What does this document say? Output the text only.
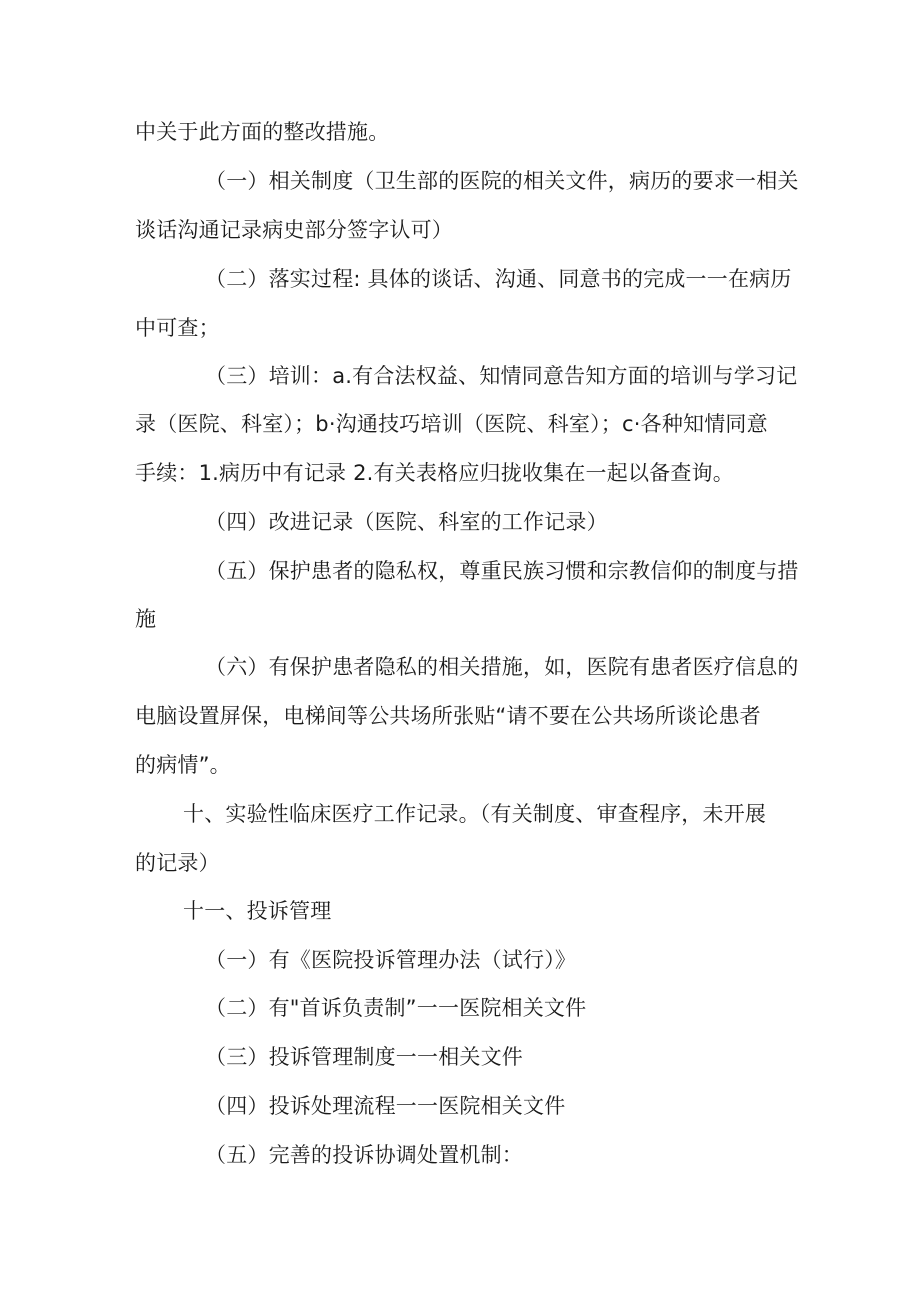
中关于此方面的整改措施。
（一）相关制度（卫生部的医院的相关文件，病历的要求一相关
谈话沟通记录病史部分签字认可）
（二）落实过程: 具体的谈话、沟通、同意书的完成一一在病历
中可查；
（三）培训：a.有合法权益、知情同意告知方面的培训与学习记
录（医院、科室）；b·沟通技巧培训（医院、科室）；c·各种知情同意
手续：1.病历中有记录 2.有关表格应归拢收集在一起以备查询。
（四）改进记录（医院、科室的工作记录）
（五）保护患者的隐私权，尊重民族习惯和宗教信仰的制度与措
施
（六）有保护患者隐私的相关措施，如，医院有患者医疗信息的
电脑设置屏保，电梯间等公共场所张贴“请不要在公共场所谈论患者
的病情”。
十、实验性临床医疗工作记录。（有关制度、审查程序，未开展
的记录）
十一、投诉管理
（一）有《医院投诉管理办法（试行）》
（二）有"首诉负责制”一一医院相关文件
（三）投诉管理制度一一相关文件
（四）投诉处理流程一一医院相关文件
（五）完善的投诉协调处置机制：
